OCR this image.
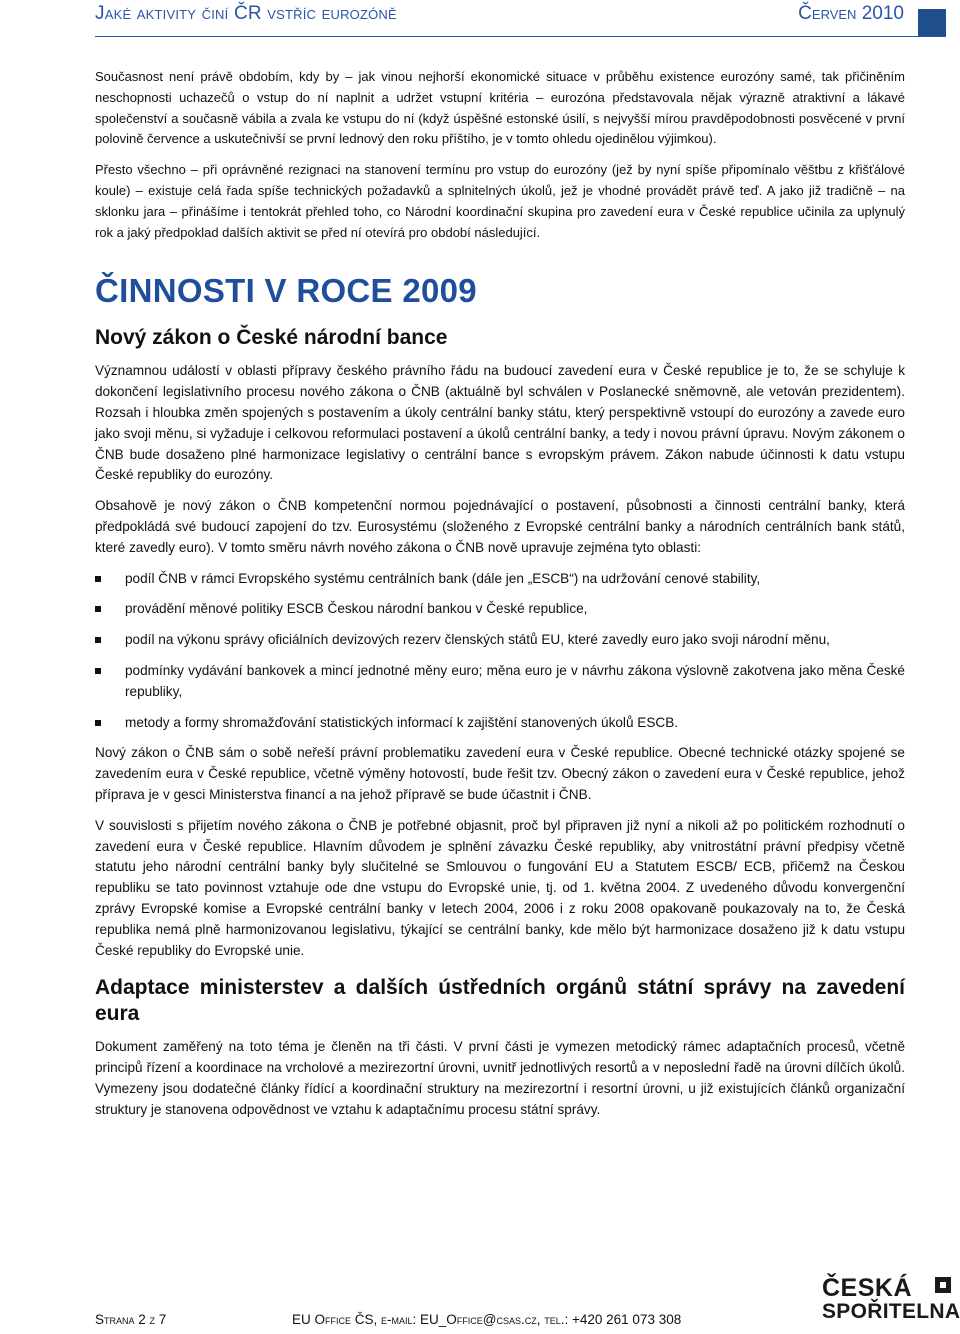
Jaké aktivity činí ČR vstříc eurozóně	Červen 2010

Současnost není právě obdobím, kdy by – jak vinou nejhorší ekonomické situace v průběhu existence eurozóny samé, tak přičiněním neschopnosti uchazečů o vstup do ní naplnit a udržet vstupní kritéria – eurozóna představovala nějak výrazně atraktivní a lákavé společenství a současně vábila a zvala ke vstupu do ní (když úspěšné estonské úsilí, s nejvyšší mírou pravděpodobnosti posvěcené v první polovině července a uskutečnivší se první lednový den roku příštího, je v tomto ohledu ojedinělou výjimkou).

Přesto všechno – při oprávněné rezignaci na stanovení termínu pro vstup do eurozóny (jež by nyní spíše připomínalo věštbu z křišťálové koule) – existuje celá řada spíše technických požadavků a splnitelných úkolů, jež je vhodné provádět právě teď. A jako již tradičně – na sklonku jara – přinášíme i tentokrát přehled toho, co Národní koordinační skupina pro zavedení eura v České republice učinila za uplynulý rok a jaký předpoklad dalších aktivit se před ní otevírá pro období následující.

ČINNOSTI V ROCE 2009
Nový zákon o České národní bance

Významnou událostí v oblasti přípravy českého právního řádu na budoucí zavedení eura v České republice je to, že se schyluje k dokončení legislativního procesu nového zákona o ČNB (aktuálně byl schválen v Poslanecké sněmovně, ale vetován prezidentem). Rozsah i hloubka změn spojených s postavením a úkoly centrální banky státu, který perspektivně vstoupí do eurozóny a zavede euro jako svoji měnu, si vyžaduje i celkovou reformulaci postavení a úkolů centrální banky, a tedy i novou právní úpravu. Novým zákonem o ČNB bude dosaženo plné harmonizace legislativy o centrální bance s evropským právem. Zákon nabude účinnosti k datu vstupu České republiky do eurozóny.

Obsahově je nový zákon o ČNB kompetenční normou pojednávající o postavení, působnosti a činnosti centrální banky, která předpokládá své budoucí zapojení do tzv. Eurosystému (složeného z Evropské centrální banky a národních centrálních bank států, které zavedly euro). V tomto směru návrh nového zákona o ČNB nově upravuje zejména tyto oblasti:

podíl ČNB v rámci Evropského systému centrálních bank (dále jen „ESCB“) na udržování cenové stability,
provádění měnové politiky ESCB Českou národní bankou v České republice,
podíl na výkonu správy oficiálních devizových rezerv členských států EU, které zavedly euro jako svoji národní měnu,
podmínky vydávání bankovek a mincí jednotné měny euro; měna euro je v návrhu zákona výslovně zakotvena jako měna České republiky,
metody a formy shromažďování statistických informací k zajištění stanovených úkolů ESCB.

Nový zákon o ČNB sám o sobě neřeší právní problematiku zavedení eura v České republice. Obecné technické otázky spojené se zavedením eura v České republice, včetně výměny hotovostí, bude řešit tzv. Obecný zákon o zavedení eura v České republice, jehož příprava je v gesci Ministerstva financí a na jehož přípravě se bude účastnit i ČNB.

V souvislosti s přijetím nového zákona o ČNB je potřebné objasnit, proč byl připraven již nyní a nikoli až po politickém rozhodnutí o zavedení eura v České republice. Hlavním důvodem je splnění závazku České republiky, aby vnitrostátní právní předpisy včetně statutu jeho národní centrální banky byly slučitelné se Smlouvou o fungování EU a Statutem ESCB/ ECB, přičemž na Českou republiku se tato povinnost vztahuje ode dne vstupu do Evropské unie, tj. od 1. května 2004. Z uvedeného důvodu konvergenční zprávy Evropské komise a Evropské centrální banky v letech 2004, 2006 i z roku 2008 opakovaně poukazovaly na to, že Česká republika nemá plně harmonizovanou legislativu, týkající se centrální banky, kde mělo být harmonizace dosaženo již k datu vstupu České republiky do Evropské unie.

Adaptace ministerstev a dalších ústředních orgánů státní správy na zavedení eura

Dokument zaměřený na toto téma je členěn na tři části. V první části je vymezen metodický rámec adaptačních procesů, včetně principů řízení a koordinace na vrcholové a mezirezortní úrovni, uvnitř jednotlivých resortů a v neposlední řadě na úrovni dílčích úkolů. Vymezeny jsou dodatečné články řídící a koordinační struktury na mezirezortní i resortní úrovni, u již existujících článků organizační struktury je stanovena odpovědnost ve vztahu k adaptačnímu procesu státní správy.

Strana 2 z 7	EU Office ČS, e-mail: EU_Office@csas.cz, tel.: +420 261 073 308
ČESKÁ
SPOŘITELNA
